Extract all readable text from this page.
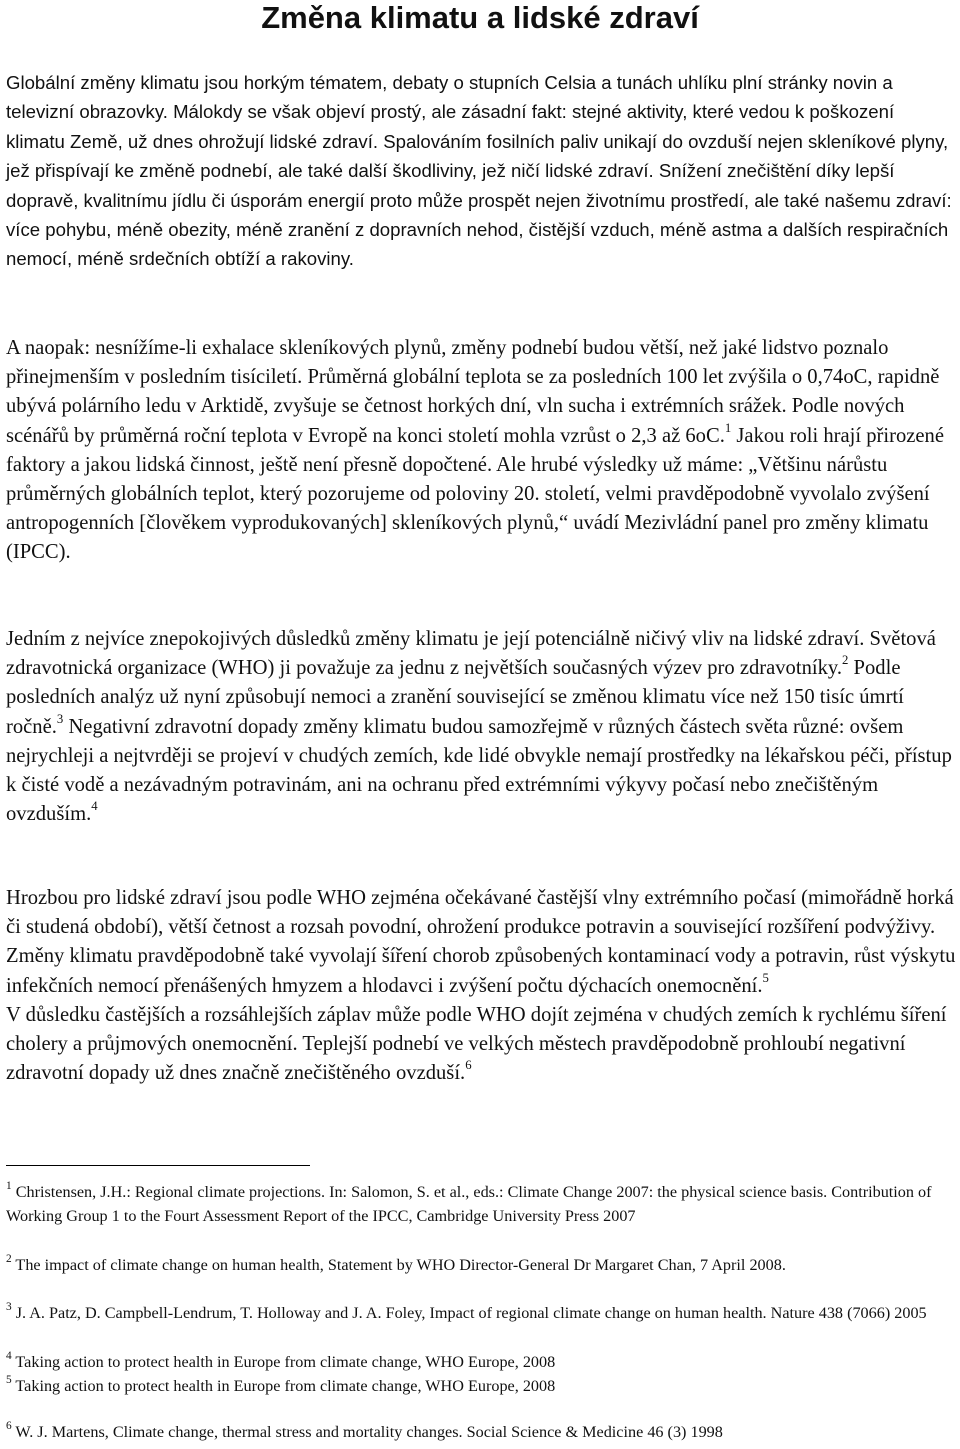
Změna klimatu a lidské zdraví

Globální změny klimatu jsou horkým tématem, debaty o stupních Celsia a tunách uhlíku plní stránky novin a televizní obrazovky. Málokdy se však objeví prostý, ale zásadní fakt: stejné aktivity, které vedou k poškození klimatu Země, už dnes ohrožují lidské zdraví. Spalováním fosilních paliv unikají do ovzduší nejen skleníkové plyny, jež přispívají ke změně podnebí, ale také další škodliviny, jež ničí lidské zdraví. Snížení znečištění díky lepší dopravě, kvalitnímu jídlu či úsporám energií proto může prospět nejen životnímu prostředí, ale také našemu zdraví: více pohybu, méně obezity, méně zranění z dopravních nehod, čistější vzduch, méně astma a dalších respiračních nemocí, méně srdečních obtíží a rakoviny.

A naopak: nesnížíme-li exhalace skleníkových plynů, změny podnebí budou větší, než jaké lidstvo poznalo přinejmenším v posledním tisíciletí. Průměrná globální teplota se za posledních 100 let zvýšila o 0,74oC, rapidně ubývá polárního ledu v Arktidě, zvyšuje se četnost horkých dní, vln sucha i extrémních srážek. Podle nových scénářů by průměrná roční teplota v Evropě na konci století mohla vzrůst o 2,3 až 6oC.$^1$ Jakou roli hrají přirozené faktory a jakou lidská činnost, ještě není přesně dopočtené. Ale hrubé výsledky už máme: „Většinu nárůstu průměrných globálních teplot, který pozorujeme od poloviny 20. století, velmi pravděpodobně vyvolalo zvýšení antropogenních [člověkem vyprodukovaných] skleníkových plynů,“ uvádí Mezivládní panel pro změny klimatu (IPCC).

Jedním z nejvíce znepokojivých důsledků změny klimatu je její potenciálně ničivý vliv na lidské zdraví. Světová zdravotnická organizace (WHO) ji považuje za jednu z největších současných výzev pro zdravotníky.$^2$ Podle posledních analýz už nyní způsobují nemoci a zranění související se změnou klimatu více než 150 tisíc úmrtí ročně.$^3$ Negativní zdravotní dopady změny klimatu budou samozřejmě v různých částech světa různé: ovšem nejrychleji a nejtvrději se projeví v chudých zemích, kde lidé obvykle nemají prostředky na lékařskou péči, přístup k čisté vodě a nezávadným potravinám, ani na ochranu před extrémními výkyvy počasí nebo znečištěným ovzduším.$^4$

Hrozbou pro lidské zdraví jsou podle WHO zejména očekávané častější vlny extrémního počasí (mimořádně horká či studená období), větší četnost a rozsah povodní, ohrožení produkce potravin a související rozšíření podvýživy. Změny klimatu pravděpodobně také vyvolají šíření chorob způsobených kontaminací vody a potravin, růst výskytu infekčních nemocí přenášených hmyzem a hlodavci i zvýšení počtu dýchacích onemocnění.$^5$
V důsledku častějších a rozsáhlejších záplav může podle WHO dojít zejména v chudých zemích k rychlému šíření cholery a průjmových onemocnění. Teplejší podnebí ve velkých městech pravděpodobně prohloubí negativní zdravotní dopady už dnes značně znečištěného ovzduší.$^6$

$^1$ Christensen, J.H.: Regional climate projections. In: Salomon, S. et al., eds.: Climate Change 2007: the physical science basis. Contribution of Working Group 1 to the Fourt Assessment Report of the IPCC, Cambridge University Press 2007

$^2$ The impact of climate change on human health, Statement by WHO Director-General Dr Margaret Chan, 7 April 2008.

$^3$ J. A. Patz, D. Campbell-Lendrum, T. Holloway and J. A. Foley, Impact of regional climate change on human health. Nature 438 (7066) 2005

$^4$ Taking action to protect health in Europe from climate change, WHO Europe, 2008

$^5$ Taking action to protect health in Europe from climate change, WHO Europe, 2008

$^6$ W. J. Martens, Climate change, thermal stress and mortality changes. Social Science & Medicine 46 (3) 1998
